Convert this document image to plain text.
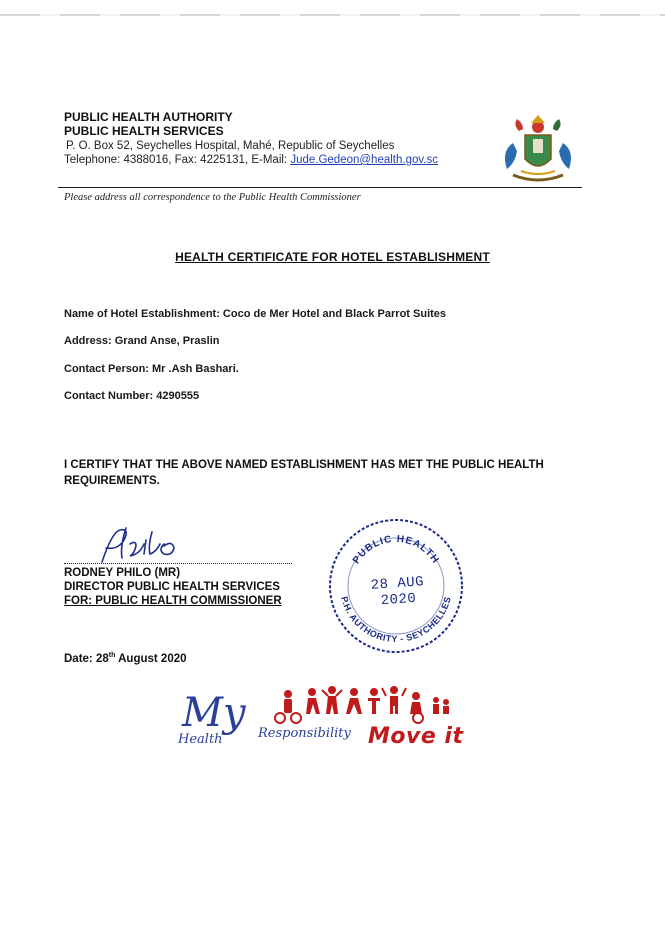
PUBLIC HEALTH AUTHORITY
PUBLIC HEALTH SERVICES
P. O. Box 52, Seychelles Hospital, Mahé, Republic of Seychelles
Telephone: 4388016, Fax: 4225131, E-Mail: Jude.Gedeon@health.gov.sc
Please address all correspondence to the Public Health Commissioner
HEALTH CERTIFICATE FOR HOTEL ESTABLISHMENT
Name of Hotel Establishment: Coco de Mer Hotel and Black Parrot Suites
Address: Grand Anse, Praslin
Contact Person: Mr .Ash Bashari.
Contact Number: 4290555
I CERTIFY THAT THE ABOVE NAMED ESTABLISHMENT HAS MET THE PUBLIC HEALTH REQUIREMENTS.
RODNEY PHILO (MR)
DIRECTOR PUBLIC HEALTH SERVICES
FOR: PUBLIC HEALTH COMMISSIONER
PUBLIC HEALTH
P.H. AUTHORITY - SEYCHELLES
28 AUG 2020
Date: 28th August 2020
My
Health	Responsibility Move it
